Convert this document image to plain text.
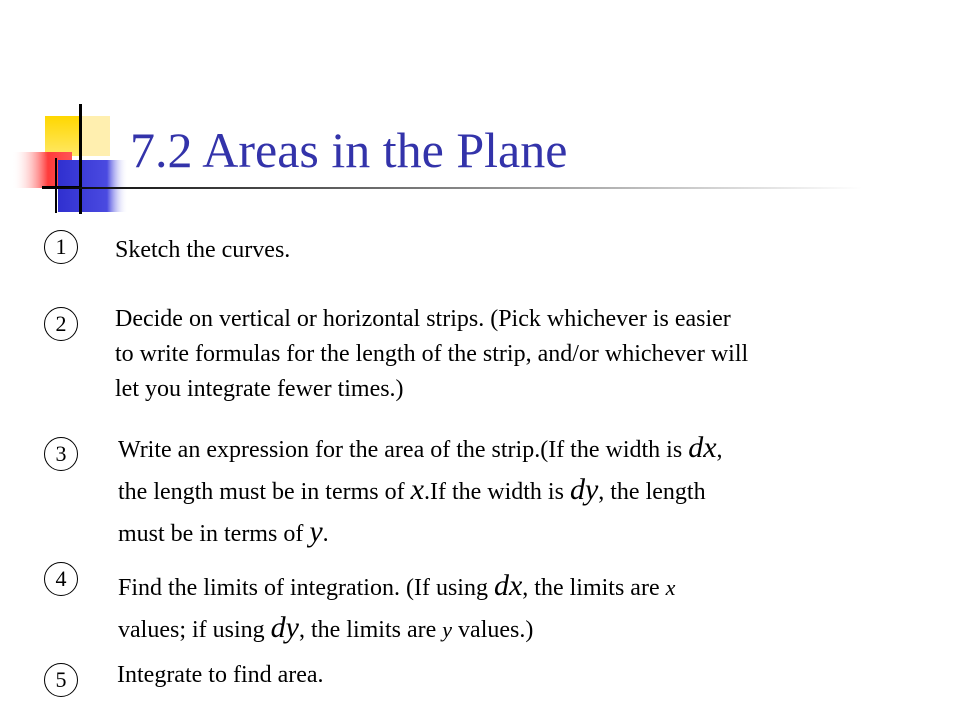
7.2 Areas in the Plane
1	Sketch the curves.
2	Decide on vertical or horizontal strips. (Pick whichever is easier
to write formulas for the length of the strip, and/or whichever will
let you integrate fewer times.)
3	Write an expression for the area of the strip.(If the width is dx,
the length must be in terms of x.If the width is dy, the length
must be in terms of y.
4	Find the limits of integration. (If using dx, the limits are x
values; if using dy, the limits are y values.)
5	Integrate to find area.
